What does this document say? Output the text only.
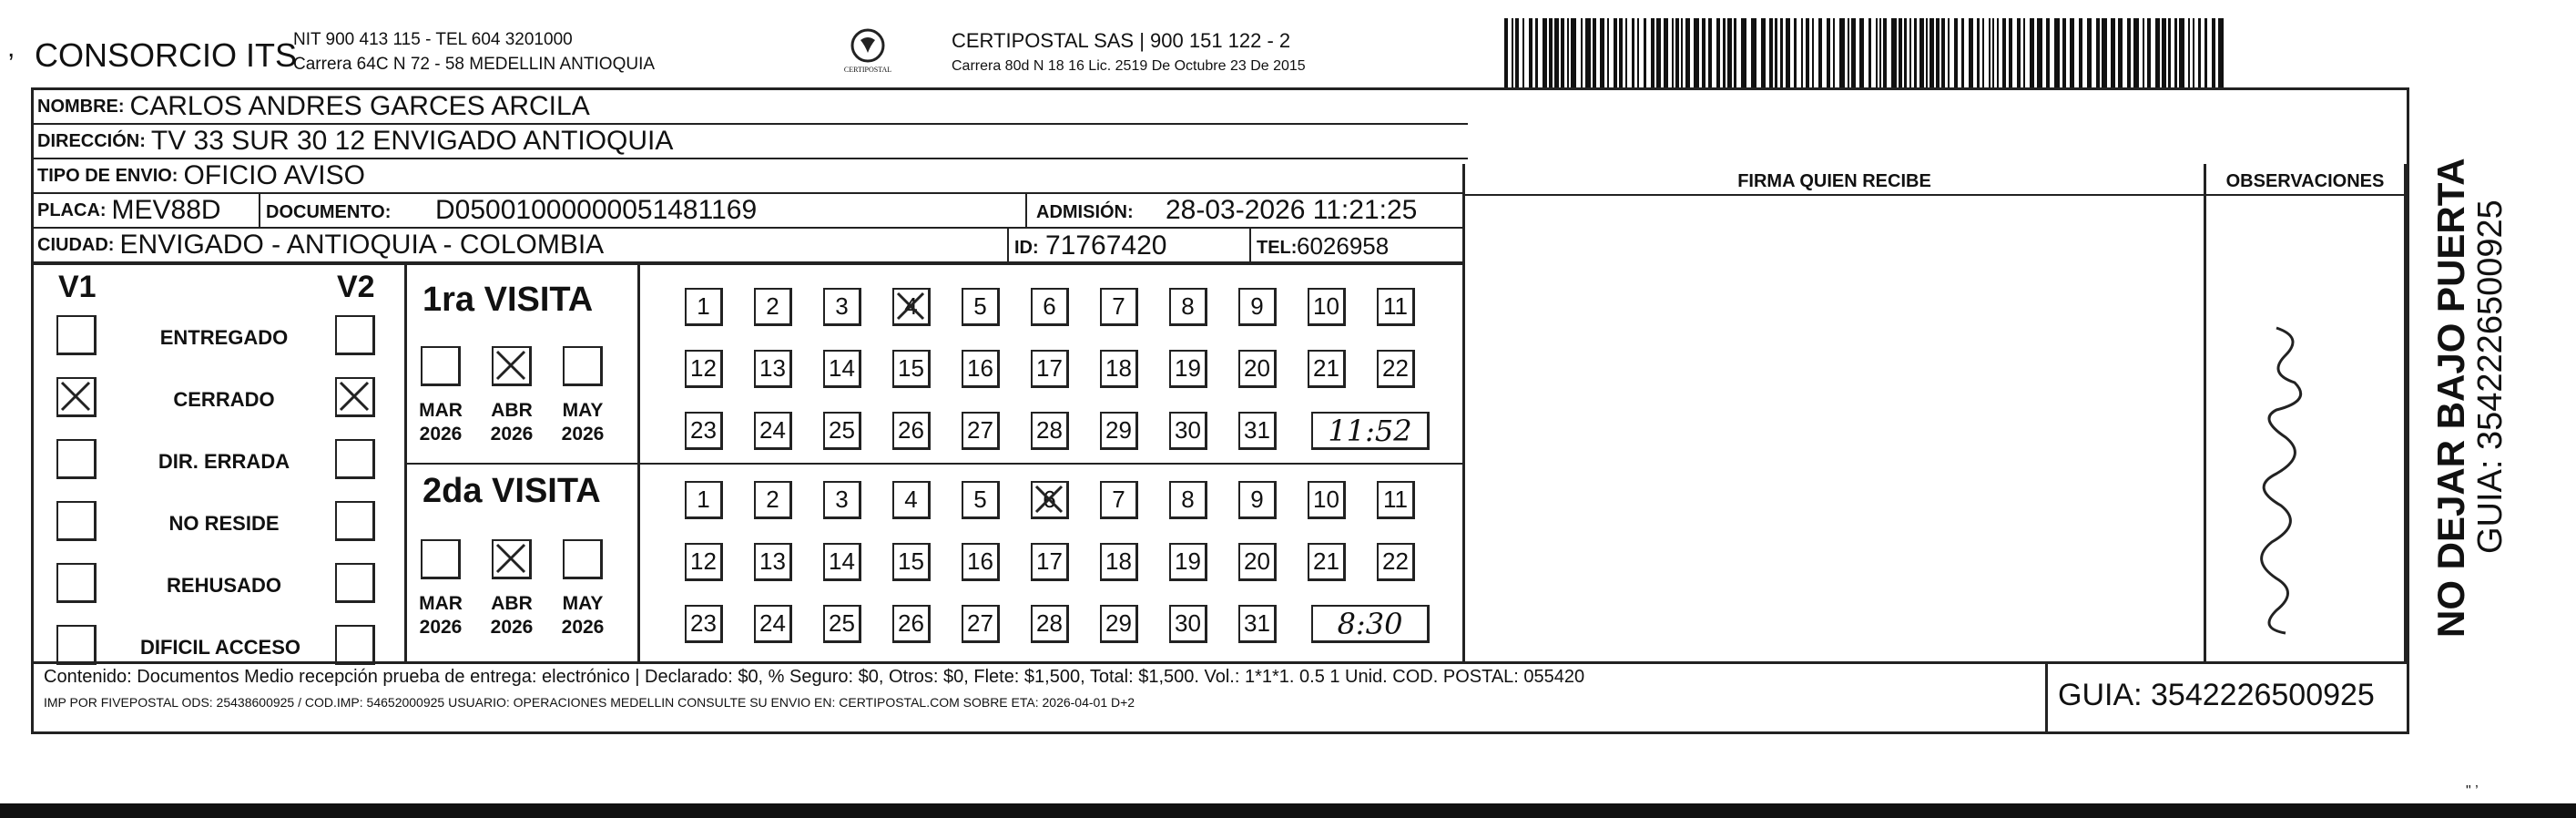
, CONSORCIO ITS
NIT 900 413 115 - TEL 604 3201000
Carrera 64C N 72 - 58 MEDELLIN ANTIOQUIA	CERTIPOSTAL
CERTIPOSTAL SAS | 900 151 122 - 2
Carrera 80d N 18 16 Lic. 2519 De Octubre 23 De 2015
NOMBRE: CARLOS ANDRES GARCES ARCILA
DIRECCIÓN: TV 33 SUR 30 12 ENVIGADO ANTIOQUIA
TIPO DE ENVIO: OFICIO AVISO
PLACA: MEV88D DOCUMENTO: D05001000000051481169	ADMISIÓN: 28-03-2026 11:21:25
CIUDAD: ENVIGADO - ANTIOQUIA - COLOMBIA	ID: 71767420	TEL: 6026958
FIRMA QUIEN RECIBE	OBSERVACIONES
V1	V2
ENTREGADO
CERRADO
DIR. ERRADA
NO RESIDE
REHUSADO
DIFICIL ACCESO
1ra VISITA
2da VISITA
MAR
2026
ABR
2026
MAY
2026
1 2 3 4 5 6 7 8 9 10 11
12 13 14 15 16 17 18 19 20 21 22
23 24 25 26 27 28 29 30 31	11:52
MAR
2026
ABR
2026
MAY
2026
1 2 3 4 5 6 7 8 9 10 11
12 13 14 15 16 17 18 19 20 21 22
23 24 25 26 27 28 29 30 31	8:30
Contenido: Documentos Medio recepción prueba de entrega: electrónico | Declarado: $0, % Seguro: $0, Otros: $0, Flete: $1,500, Total: $1,500. Vol.: 1*1*1. 0.5 1 Unid. COD. POSTAL: 055420
IMP POR FIVEPOSTAL ODS: 25438600925 / COD.IMP: 54652000925 USUARIO: OPERACIONES MEDELLIN CONSULTE SU ENVIO EN: CERTIPOSTAL.COM SOBRE ETA: 2026-04-01 D+2	GUIA: 3542226500925
NO DEJAR BAJO PUERTA GUIA: 3542226500925
" ’
